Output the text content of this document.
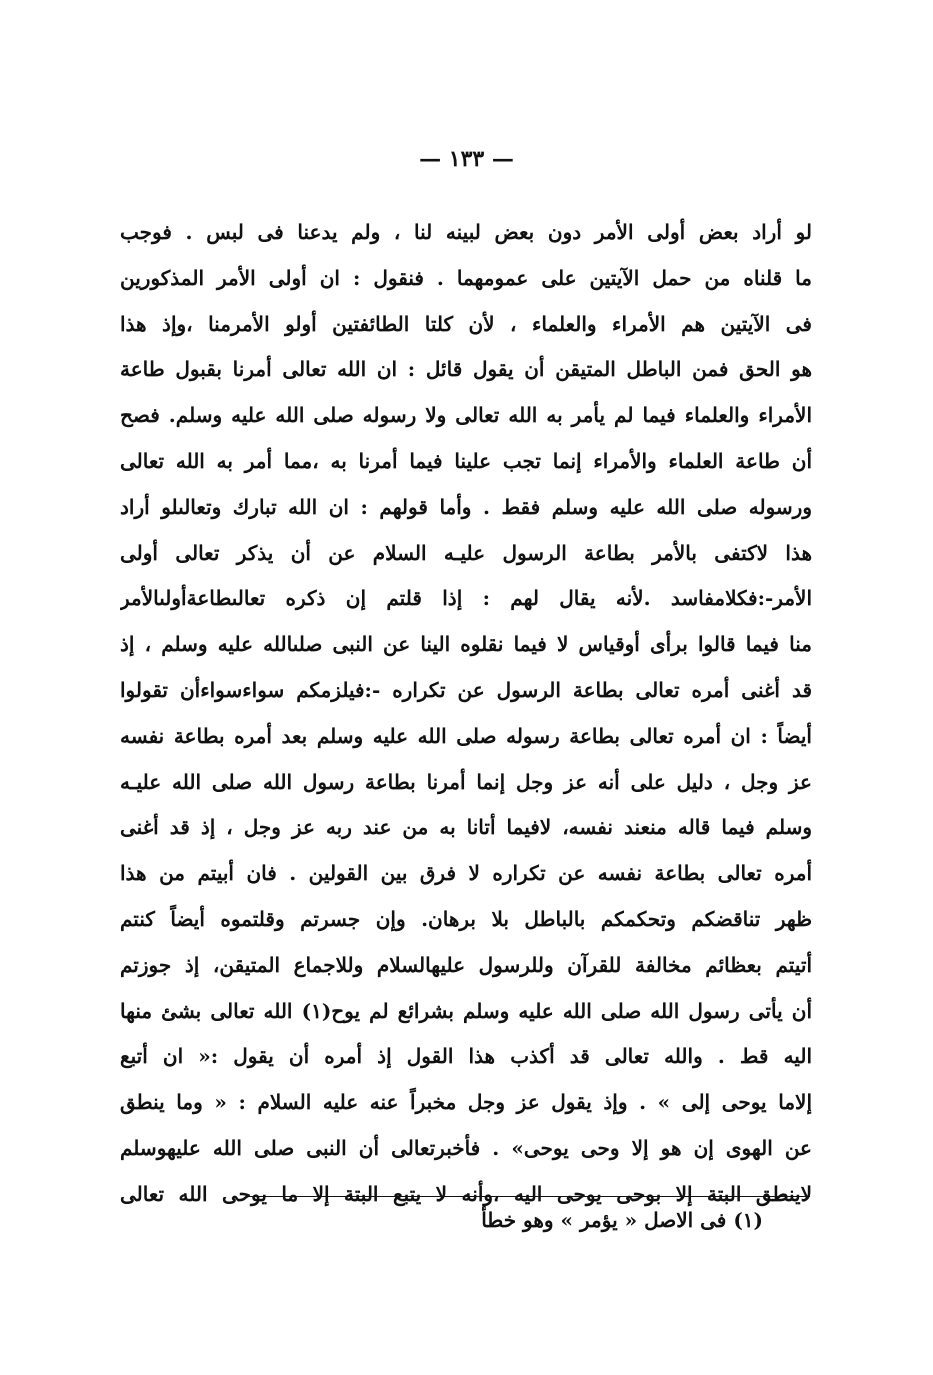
— ١٣٣ —
لو أراد بعض أولى الأمر دون بعض لبينه لنا ، ولم يدعنا فى لبس . فوجب
ما قلناه من حمل الآيتين على عمومهما . فنقول : ان أولى الأمر المذكورين
فى الآيتين هم الأمراء والعلماء ، لأن كلتا الطائفتين أولو الأمرمنا ،وإذ هذا
هو الحق فمن الباطل المتيقن أن يقول قائل : ان الله تعالى أمرنا بقبول طاعة
الأمراء والعلماء فيما لم يأمر به الله تعالى ولا رسوله صلى الله عليه وسلم. فصح
أن طاعة العلماء والأمراء إنما تجب علينا فيما أمرنا به ،مما أمر به الله تعالى
ورسوله صلى الله عليه وسلم فقط . وأما قولهم : ان الله تبارك وتعالىلو أراد
هذا لاكتفى بالأمر بطاعة الرسول عليـه السلام عن أن يذكر تعالى أولى
الأمر-:فكلامفاسد .لأنه يقال لهم : إذا قلتم إن ذكره تعالىطاعةأولىالأمر
منا فيما قالوا برأى أوقياس لا فيما نقلوه الينا عن النبى صلىالله عليه وسلم ، إذ
قد أغنى أمره تعالى بطاعة الرسول عن تكراره -:فيلزمكم سواءسواءأن تقولوا
أيضاً : ان أمره تعالى بطاعة رسوله صلى الله عليه وسلم بعد أمره بطاعة نفسه
عز وجل ، دليل على أنه عز وجل إنما أمرنا بطاعة رسول الله صلى الله عليـه
وسلم فيما قاله منعند نفسه، لافيما أتانا به من عند ربه عز وجل ، إذ قد أغنى
أمره تعالى بطاعة نفسه عن تكراره لا فرق بين القولين . فان أبيتم من هذا
ظهر تناقضكم وتحكمكم بالباطل بلا برهان. وإن جسرتم وقلتموه أيضاً كنتم
أتيتم بعظائم مخالفة للقرآن وللرسول عليهالسلام وللاجماع المتيقن، إذ جوزتم
أن يأتى رسول الله صلى الله عليه وسلم بشرائع لم يوح(١) الله تعالى بشئ منها
اليه قط . والله تعالى قد أكذب هذا القول إذ أمره أن يقول :« ان أتبع
إلاما يوحى إلى » . وإذ يقول عز وجل مخبراً عنه عليه السلام : « وما ينطق
عن الهوى إن هو إلا وحى يوحى» . فأخبرتعالى أن النبى صلى الله عليهوسلم
لاينطق البتة إلا بوحى يوحى اليه ،وأنه لا يتبع البتة إلا ما يوحى الله تعالى
(١) فى الاصل « يؤمر » وهو خطأ
